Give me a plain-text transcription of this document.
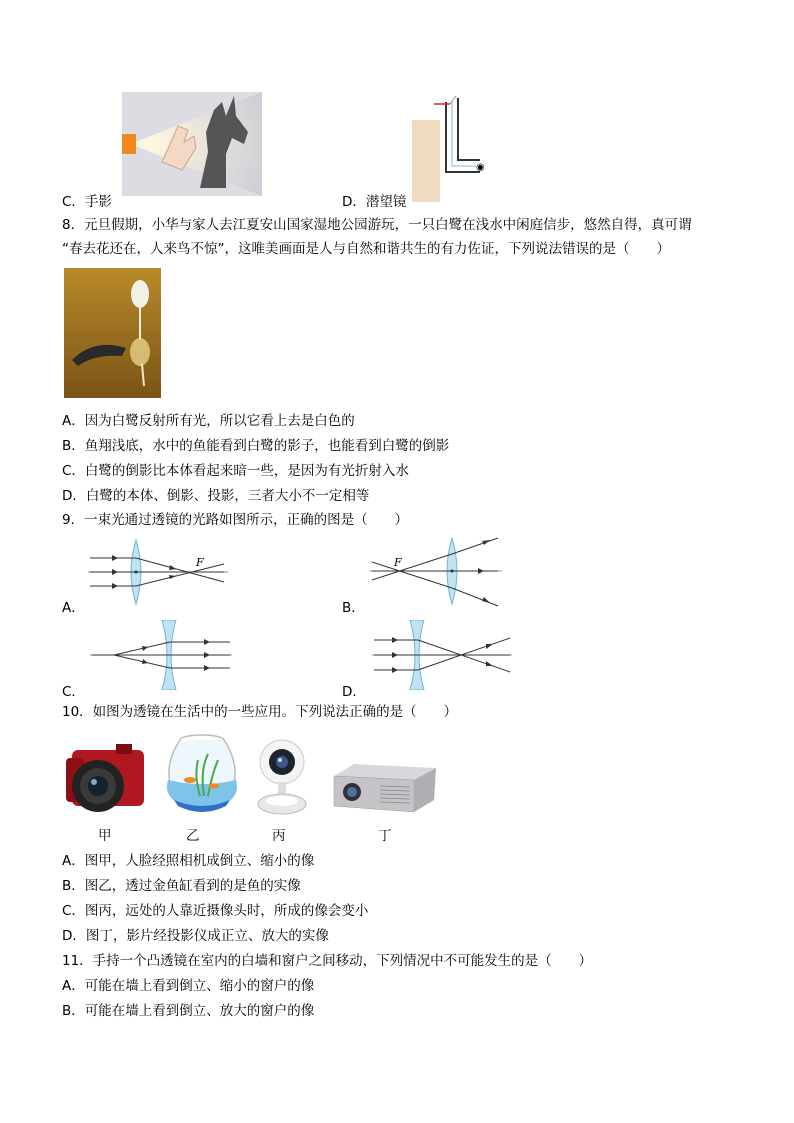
C．手影
◉
D．潜望镜
8．元旦假期，小华与家人去江夏安山国家湿地公园游玩，一只白鹭在浅水中闲庭信步，悠然自得，真可谓
“春去花还在，人来鸟不惊”，这唯美画面是人与自然和谐共生的有力佐证，下列说法错误的是（　　）
A．因为白鹭反射所有光，所以它看上去是白色的
B．鱼翔浅底，水中的鱼能看到白鹭的影子，也能看到白鹭的倒影
C．白鹭的倒影比本体看起来暗一些，是因为有光折射入水
D．白鹭的本体、倒影、投影，三者大小不一定相等
9．一束光通过透镜的光路如图所示，正确的图是（　　）
F
A．
F
B．
C．	D．
10．如图为透镜在生活中的一些应用。下列说法正确的是（　　）
甲	乙	丙	丁
A．图甲，人脸经照相机成倒立、缩小的像
B．图乙，透过金鱼缸看到的是鱼的实像
C．图丙，远处的人靠近摄像头时，所成的像会变小
D．图丁，影片经投影仪成正立、放大的实像
11．手持一个凸透镜在室内的白墙和窗户之间移动，下列情况中不可能发生的是（　　）
A．可能在墙上看到倒立、缩小的窗户的像
B．可能在墙上看到倒立、放大的窗户的像
